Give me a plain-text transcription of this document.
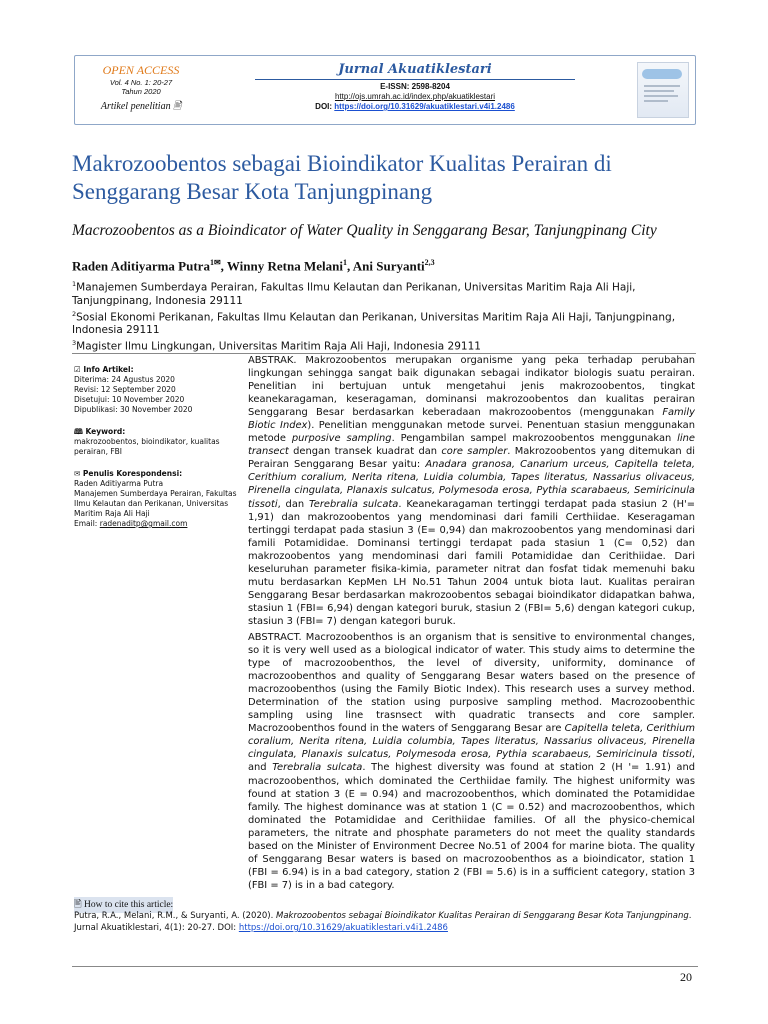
OPEN ACCESS
Vol. 4 No. 1: 20-27
Tahun 2020
Artikel penelitian 🖹
Jurnal Akuatiklestari
E-ISSN: 2598-8204
http://ojs.umrah.ac.id/index.php/akuatiklestari
DOI: https://doi.org/10.31629/akuatiklestari.v4i1.2486
Makrozoobentos sebagai Bioindikator Kualitas Perairan di Senggarang Besar Kota Tanjungpinang
Macrozoobentos as a Bioindicator of Water Quality in Senggarang Besar, Tanjungpinang City
Raden Aditiyarma Putra$^{1✉}$, Winny Retna Melani$^1$, Ani Suryanti$^{2,3}$
$^1$Manajemen Sumberdaya Perairan, Fakultas Ilmu Kelautan dan Perikanan, Universitas Maritim Raja Ali Haji, Tanjungpinang, Indonesia 29111
$^2$Sosial Ekonomi Perikanan, Fakultas Ilmu Kelautan dan Perikanan, Universitas Maritim Raja Ali Haji, Tanjungpinang, Indonesia 29111
$^3$Magister Ilmu Lingkungan, Universitas Maritim Raja Ali Haji, Indonesia 29111
☑ Info Artikel:
Diterima: 24 Agustus 2020
Revisi: 12 September 2020
Disetujui: 10 November 2020
Dipublikasi: 30 November 2020
🕮 Keyword:
makrozoobentos, bioindikator, kualitas perairan, FBI
✉ Penulis Korespondensi:
Raden Aditiyarma Putra
Manajemen Sumberdaya Perairan, Fakultas Ilmu Kelautan dan Perikanan, Universitas Maritim Raja Ali Haji
Email: radenaditp@gmail.com
ABSTRAK. Makrozoobentos merupakan organisme yang peka terhadap perubahan lingkungan sehingga sangat baik digunakan sebagai indikator biologis suatu perairan. Penelitian ini bertujuan untuk mengetahui jenis makrozoobentos, tingkat keanekaragaman, keseragaman, dominansi makrozoobentos dan kualitas perairan Senggarang Besar berdasarkan keberadaan makrozoobentos (menggunakan Family Biotic Index). Penelitian menggunakan metode survei. Penentuan stasiun menggunakan metode purposive sampling. Pengambilan sampel makrozoobentos menggunakan line transect dengan transek kuadrat dan core sampler. Makrozoobentos yang ditemukan di Perairan Senggarang Besar yaitu: Anadara granosa, Canarium urceus, Capitella teleta, Cerithium coralium, Nerita ritena, Luidia columbia, Tapes literatus, Nassarius olivaceus, Pirenella cingulata, Planaxis sulcatus, Polymesoda erosa, Pythia scarabaeus, Semiricinula tissoti, dan Terebralia sulcata. Keanekaragaman tertinggi terdapat pada stasiun 2 (H'= 1,91) dan makrozoobentos yang mendominasi dari famili Certhiidae. Keseragaman tertinggi terdapat pada stasiun 3 (E= 0,94) dan makrozoobentos yang mendominasi dari famili Potamididae. Dominansi tertinggi terdapat pada stasiun 1 (C= 0,52) dan makrozoobentos yang mendominasi dari famili Potamididae dan Cerithiidae. Dari keseluruhan parameter fisika-kimia, parameter nitrat dan fosfat tidak memenuhi baku mutu berdasarkan KepMen LH No.51 Tahun 2004 untuk biota laut. Kualitas perairan Senggarang Besar berdasarkan makrozoobentos sebagai bioindikator didapatkan bahwa, stasiun 1 (FBI= 6,94) dengan kategori buruk, stasiun 2 (FBI= 5,6) dengan kategori cukup, stasiun 3 (FBI= 7) dengan kategori buruk.
ABSTRACT. Macrozoobenthos is an organism that is sensitive to environmental changes, so it is very well used as a biological indicator of water. This study aims to determine the type of macrozoobenthos, the level of diversity, uniformity, dominance of macrozoobenthos and quality of Senggarang Besar waters based on the presence of macrozoobenthos (using the Family Biotic Index). This research uses a survey method. Determination of the station using purposive sampling method. Macrozoobenthic sampling using line trasnsect with quadratic transects and core sampler. Macrozoobenthos found in the waters of Senggarang Besar are Capitella teleta, Cerithium coralium, Nerita ritena, Luidia columbia, Tapes literatus, Nassarius olivaceus, Pirenella cingulata, Planaxis sulcatus, Polymesoda erosa, Pythia scarabaeus, Semiricinula tissoti, and Terebralia sulcata. The highest diversity was found at station 2 (H '= 1.91) and macrozoobenthos, which dominated the Certhiidae family. The highest uniformity was found at station 3 (E = 0.94) and macrozoobenthos, which dominated the Potamididae family. The highest dominance was at station 1 (C = 0.52) and macrozoobenthos, which dominated the Potamididae and Cerithiidae families. Of all the physico-chemical parameters, the nitrate and phosphate parameters do not meet the quality standards based on the Minister of Environment Decree No.51 of 2004 for marine biota. The quality of Senggarang Besar waters is based on macrozoobenthos as a bioindicator, station 1 (FBI = 6.94) is in a bad category, station 2 (FBI = 5.6) is in a sufficient category, station 3 (FBI = 7) is in a bad category.
🖹 How to cite this article:
Putra, R.A., Melani, R.M., & Suryanti, A. (2020). Makrozoobentos sebagai Bioindikator Kualitas Perairan di Senggarang Besar Kota Tanjungpinang. Jurnal Akuatiklestari, 4(1): 20-27. DOI: https://doi.org/10.31629/akuatiklestari.v4i1.2486
20
